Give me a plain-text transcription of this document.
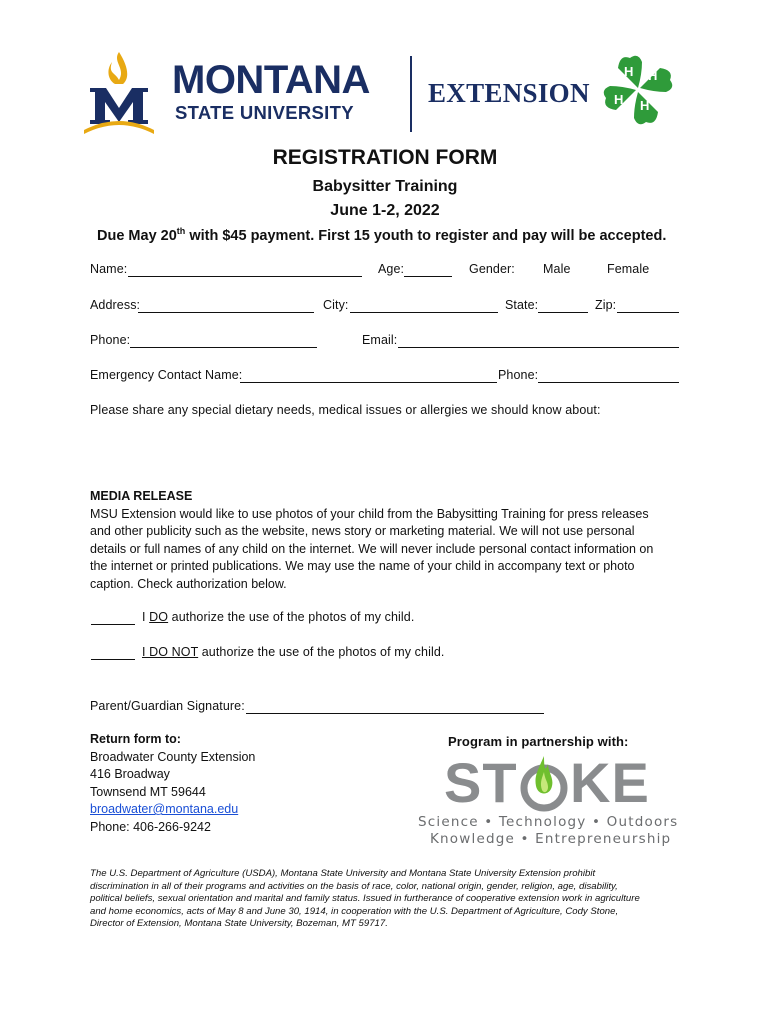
MONTANA
STATE UNIVERSITY
EXTENSION
H H
H
H
REGISTRATION FORM
Babysitter Training
June 1-2, 2022
Due May 20th with $45 payment. First 15 youth to register and pay will be accepted.
Name:	Age:	Gender: Male	Female
Address:	City:	State:	Zip:
Phone:	Email:
Emergency Contact Name:	Phone:
Please share any special dietary needs, medical issues or allergies we should know about:
MEDIA RELEASE
MSU Extension would like to use photos of your child from the Babysitting Training for press releases
and other publicity such as the website, news story or marketing material. We will not use personal
details or full names of any child on the internet. We will never include personal contact information on
the internet or printed publications. We may use the name of your child in accompany text or photo
caption. Check authorization below.
I DO authorize the use of the photos of my child.
I DO NOT authorize the use of the photos of my child.
Parent/Guardian Signature:
Return form to:
Broadwater County Extension
416 Broadway
Townsend MT 59644
broadwater@montana.edu
Phone: 406-266-9242
Program in partnership with:
ST KE
Science • Technology • Outdoors
Knowledge • Entrepreneurship
The U.S. Department of Agriculture (USDA), Montana State University and Montana State University Extension prohibit
discrimination in all of their programs and activities on the basis of race, color, national origin, gender, religion, age, disability,
political beliefs, sexual orientation and marital and family status. Issued in furtherance of cooperative extension work in agriculture
and home economics, acts of May 8 and June 30, 1914, in cooperation with the U.S. Department of Agriculture, Cody Stone,
Director of Extension, Montana State University, Bozeman, MT 59717.
